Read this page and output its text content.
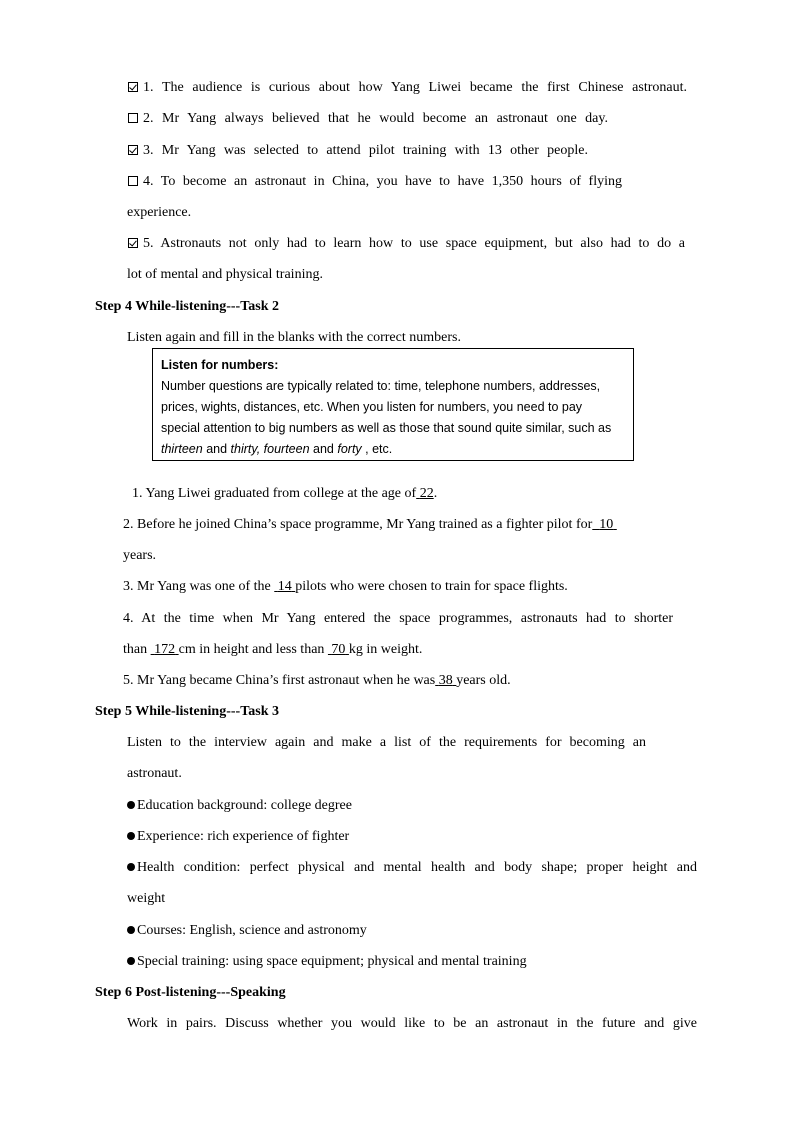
1. The audience is curious about how Yang Liwei became the first Chinese astronaut.
2. Mr Yang always believed that he would become an astronaut one day.
3. Mr Yang was selected to attend pilot training with 13 other people.
4. To become an astronaut in China, you have to have 1,350 hours of flying
experience.
5. Astronauts not only had to learn how to use space equipment, but also had to do a
lot of mental and physical training.
Step 4 While-listening---Task 2
Listen again and fill in the blanks with the correct numbers.
Listen for numbers:
Number questions are typically related to: time, telephone numbers, addresses,
prices, wights, distances, etc. When you listen for numbers, you need to pay
special attention to big numbers as well as those that sound quite similar, such as
thirteen and thirty, fourteen and forty , etc.
1. Yang Liwei graduated from college at the age of 22.
2. Before he joined China’s space programme, Mr Yang trained as a fighter pilot for 10
years.
3. Mr Yang was one of the 14 pilots who were chosen to train for space flights.
4. At the time when Mr Yang entered the space programmes, astronauts had to shorter
than 172 cm in height and less than 70 kg in weight.
5. Mr Yang became China’s first astronaut when he was 38 years old.
Step 5 While-listening---Task 3
Listen to the interview again and make a list of the requirements for becoming an
astronaut.
Education background: college degree
Experience: rich experience of fighter
Health condition: perfect physical and mental health and body shape; proper height and
weight
Courses: English, science and astronomy
Special training: using space equipment; physical and mental training
Step 6 Post-listening---Speaking
Work in pairs. Discuss whether you would like to be an astronaut in the future and give
